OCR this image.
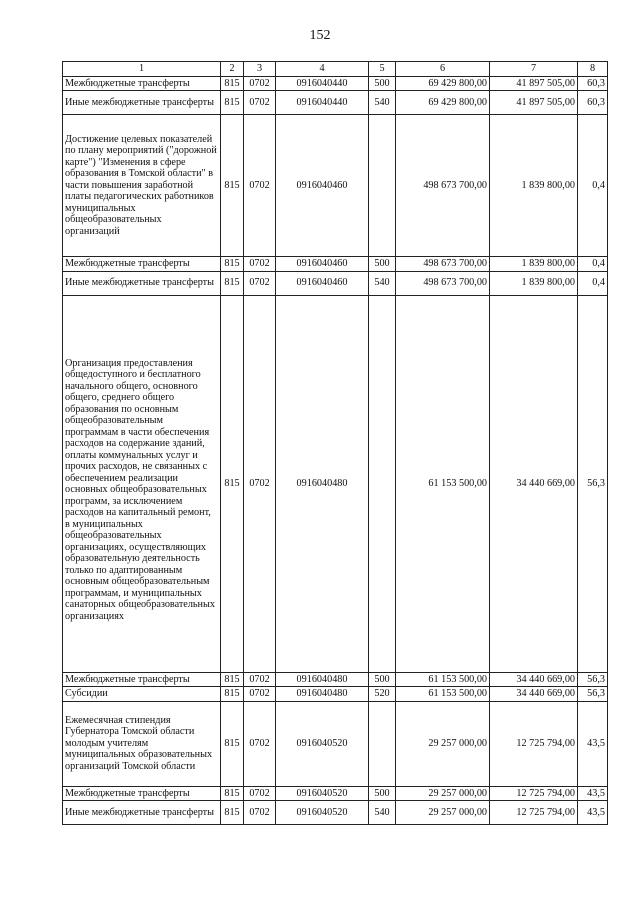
152
1	2	3	4	5	6	7	8
Межбюджетные трансферты	815	0702	0916040440	500	69 429 800,00	41 897 505,00	60,3
Иные межбюджетные трансферты	815	0702	0916040440	540	69 429 800,00	41 897 505,00	60,3
Достижение целевых показателей по плану мероприятий ("дорожной карте") "Изменения в сфере образования в Томской области" в части повышения заработной платы педагогических работников муниципальных общеобразовательных организаций	815	0702	0916040460		498 673 700,00	1 839 800,00	0,4
Межбюджетные трансферты	815	0702	0916040460	500	498 673 700,00	1 839 800,00	0,4
Иные межбюджетные трансферты	815	0702	0916040460	540	498 673 700,00	1 839 800,00	0,4
Организация предоставления общедоступного и бесплатного начального общего, основного общего, среднего общего образования по основным общеобразовательным программам в части обеспечения расходов на содержание зданий, оплаты коммунальных услуг и прочих расходов, не связанных с обеспечением реализации основных общеобразовательных программ, за исключением расходов на капитальный ремонт, в муниципальных общеобразовательных организациях, осуществляющих образовательную деятельность только по адаптированным основным общеобразовательным программам, и муниципальных санаторных общеобразовательных организациях	815	0702	0916040480		61 153 500,00	34 440 669,00	56,3
Межбюджетные трансферты	815	0702	0916040480	500	61 153 500,00	34 440 669,00	56,3
Субсидии	815	0702	0916040480	520	61 153 500,00	34 440 669,00	56,3
Ежемесячная стипендия Губернатора Томской области молодым учителям муниципальных образовательных организаций Томской области	815	0702	0916040520		29 257 000,00	12 725 794,00	43,5
Межбюджетные трансферты	815	0702	0916040520	500	29 257 000,00	12 725 794,00	43,5
Иные межбюджетные трансферты	815	0702	0916040520	540	29 257 000,00	12 725 794,00	43,5
